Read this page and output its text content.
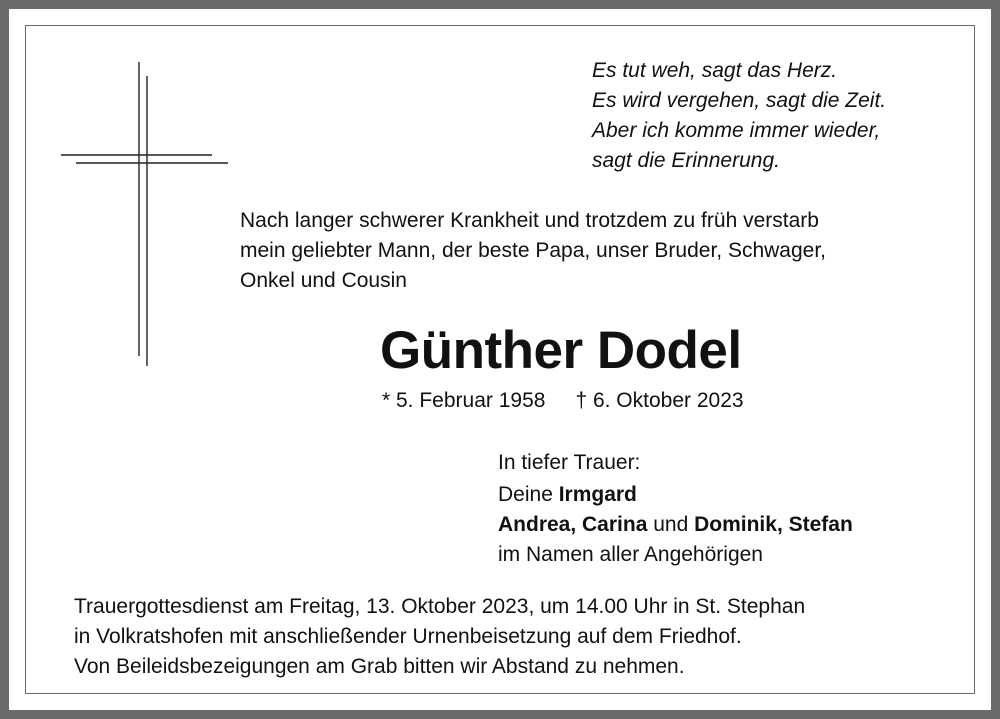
Es tut weh, sagt das Herz.
Es wird vergehen, sagt die Zeit.
Aber ich komme immer wieder,
sagt die Erinnerung.
Nach langer schwerer Krankheit und trotzdem zu früh verstarb
mein geliebter Mann, der beste Papa, unser Bruder, Schwager,
Onkel und Cousin
Günther Dodel
* 5. Februar 1958 † 6. Oktober 2023
In tiefer Trauer:
Deine Irmgard
Andrea, Carina und Dominik, Stefan
im Namen aller Angehörigen
Trauergottesdienst am Freitag, 13. Oktober 2023, um 14.00 Uhr in St. Stephan
in Volkratshofen mit anschließender Urnenbeisetzung auf dem Friedhof.
Von Beileidsbezeigungen am Grab bitten wir Abstand zu nehmen.
